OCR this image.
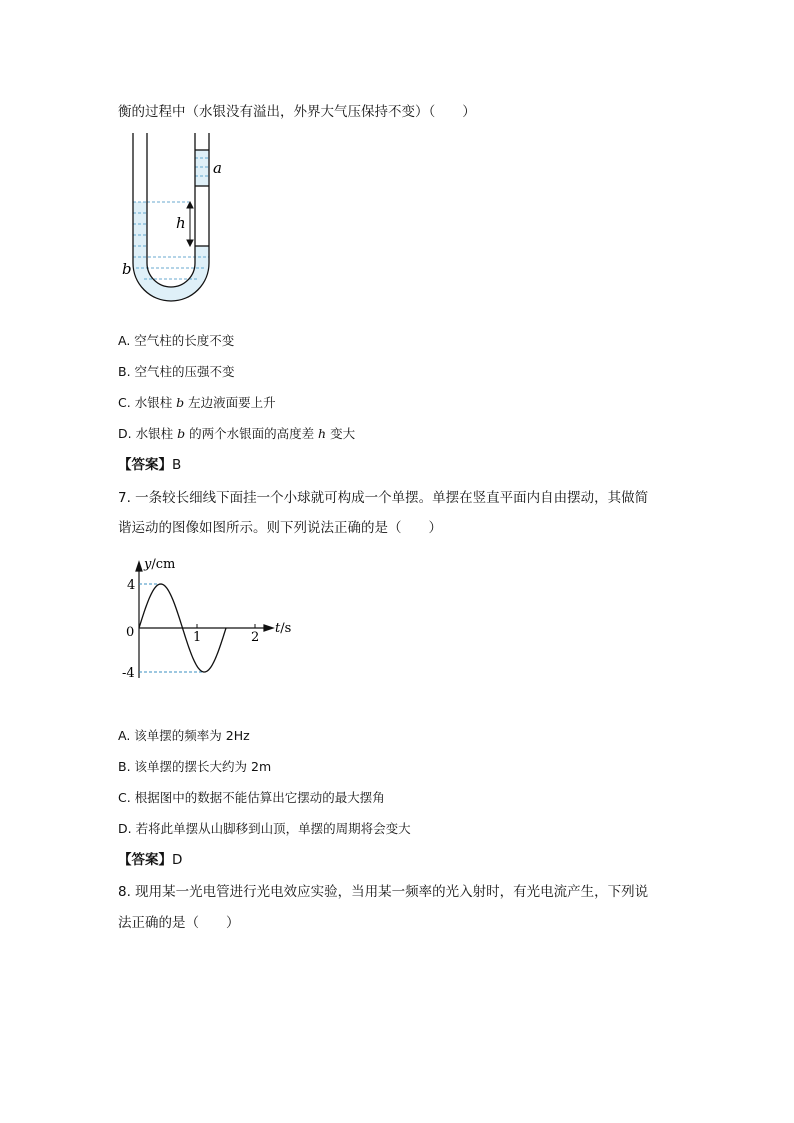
衡的过程中（水银没有溢出，外界大气压保持不变）（　　）
a
h
b
A. 空气柱的长度不变
B. 空气柱的压强不变
C. 水银柱 b 左边液面要上升
D. 水银柱 b 的两个水银面的高度差 h 变大
【答案】B
7. 一条较长细线下面挂一个小球就可构成一个单摆。单摆在竖直平面内自由摆动，其做简
谐运动的图像如图所示。则下列说法正确的是（　　）
1	2
4
-4
0
y/cm
t/s
A. 该单摆的频率为 2Hz
B. 该单摆的摆长大约为 2m
C. 根据图中的数据不能估算出它摆动的最大摆角
D. 若将此单摆从山脚移到山顶，单摆的周期将会变大
【答案】D
8. 现用某一光电管进行光电效应实验，当用某一频率的光入射时，有光电流产生，下列说
法正确的是（　　）
